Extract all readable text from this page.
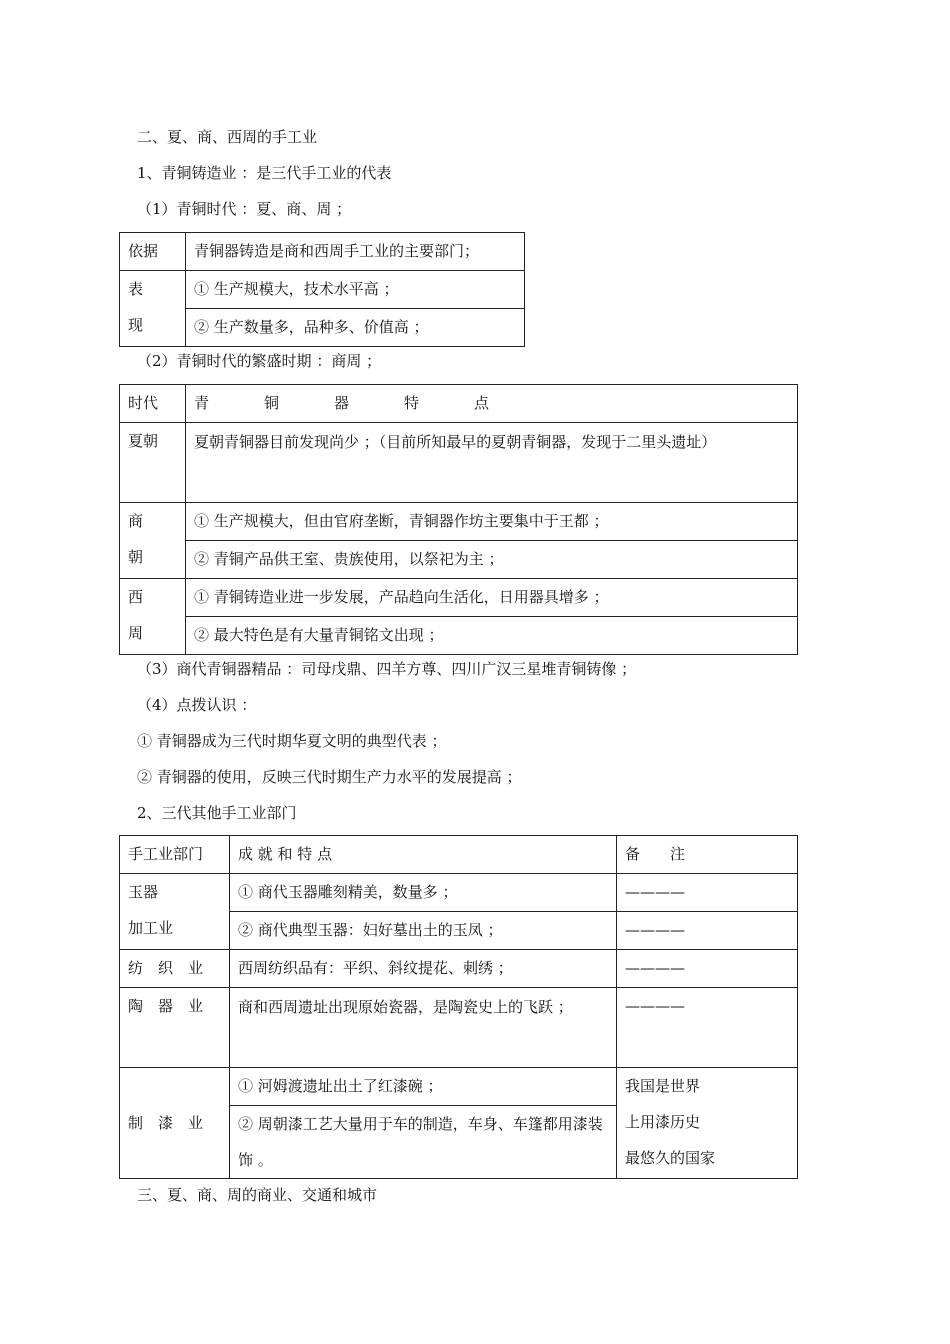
二、夏、商、西周的手工业
1、青铜铸造业 ：是三代手工业的代表
（1）青铜时代 ：夏、商、周 ；
依据	青铜器铸造是商和西周手工业的主要部门；

表
现	① 生产规模大，技术水平高 ；
	② 生产数量多，品种多、价值高 ；
（2）青铜时代的繁盛时期 ：商周 ；
时代	青 铜 器 特 点
夏朝	夏朝青铜器目前发现尚少 ；（目前所知最早的夏朝青铜器，发现于二里头遗址）

商
朝	① 生产规模大，但由官府垄断，青铜器作坊主要集中于王都 ；
	② 青铜产品供王室、贵族使用，以祭祀为主 ；

西
周	① 青铜铸造业进一步发展，产品趋向生活化，日用器具增多 ；
	② 最大特色是有大量青铜铭文出现 ；
（3）商代青铜器精品 ：司母戊鼎、四羊方尊、四川广汉三星堆青铜铸像 ；
（4）点拨认识 ：
① 青铜器成为三代时期华夏文明的典型代表 ；
② 青铜器的使用，反映三代时期生产力水平的发展提高 ；
2、三代其他手工业部门
手工业部门	成 就 和 特 点	备　　注

玉器
加工业	① 商代玉器雕刻精美，数量多 ；	————
	② 商代典型玉器：妇好墓出土的玉凤 ；	————
纺　织　业	西周纺织品有：平织、斜纹提花、刺绣 ；	————
陶　器　业	商和西周遗址出现原始瓷器，是陶瓷史上的飞跃 ；	————
制　漆　业	① 河姆渡遗址出土了红漆碗 ；	我国是世界
上用漆历史
最悠久的国家

	② 周朝漆工艺大量用于车的制造，车身、车篷都用漆装饰 。	
三、夏、商、周的商业、交通和城市
